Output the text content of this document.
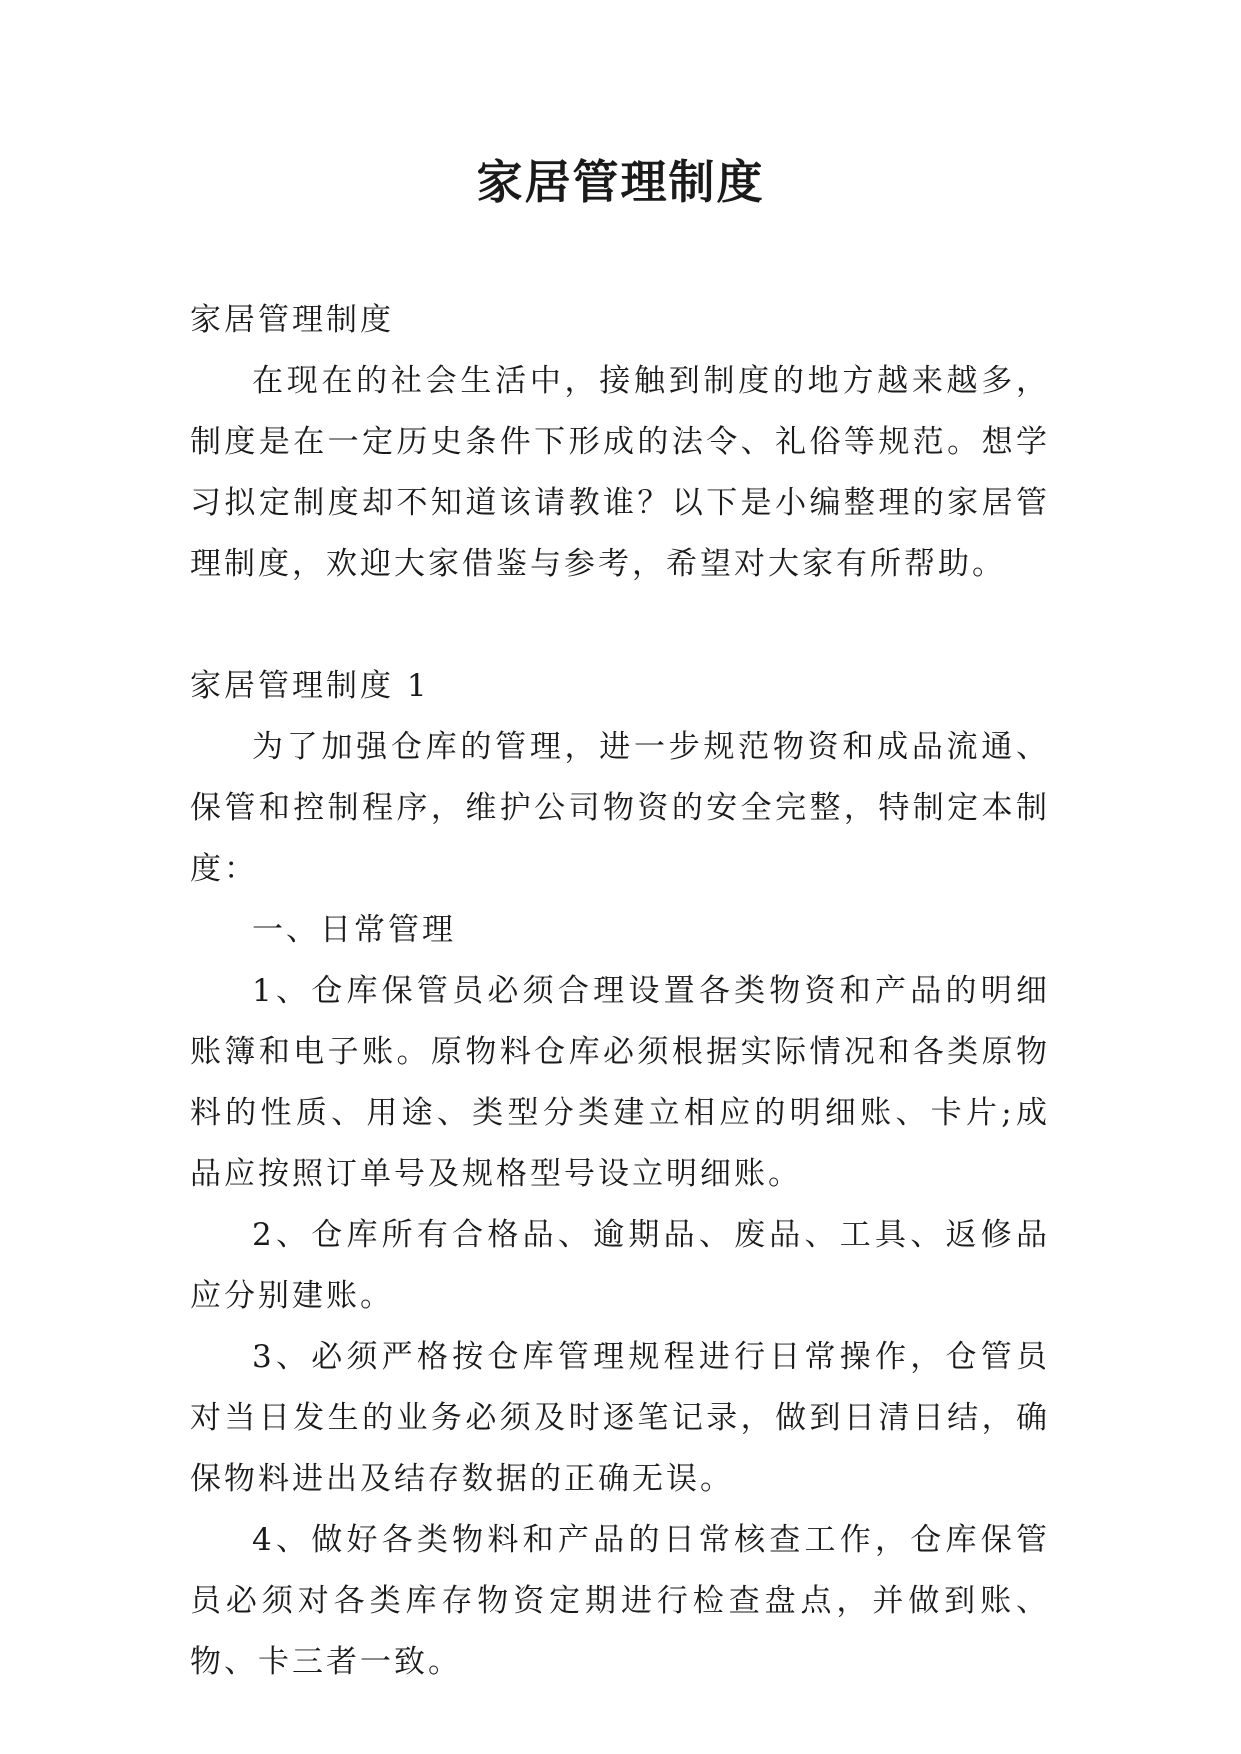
家居管理制度

家居管理制度

在现在的社会生活中，接触到制度的地方越来越多，制度是在一定历史条件下形成的法令、礼俗等规范。想学习拟定制度却不知道该请教谁？以下是小编整理的家居管理制度，欢迎大家借鉴与参考，希望对大家有所帮助。

家居管理制度 1

为了加强仓库的管理，进一步规范物资和成品流通、保管和控制程序，维护公司物资的安全完整，特制定本制度：

一、日常管理

1、仓库保管员必须合理设置各类物资和产品的明细账簿和电子账。原物料仓库必须根据实际情况和各类原物料的性质、用途、类型分类建立相应的明细账、卡片;成品应按照订单号及规格型号设立明细账。

2、仓库所有合格品、逾期品、废品、工具、返修品应分别建账。

3、必须严格按仓库管理规程进行日常操作，仓管员对当日发生的业务必须及时逐笔记录，做到日清日结，确保物料进出及结存数据的正确无误。

4、做好各类物料和产品的日常核查工作，仓库保管员必须对各类库存物资定期进行检查盘点，并做到账、物、卡三者一致。
